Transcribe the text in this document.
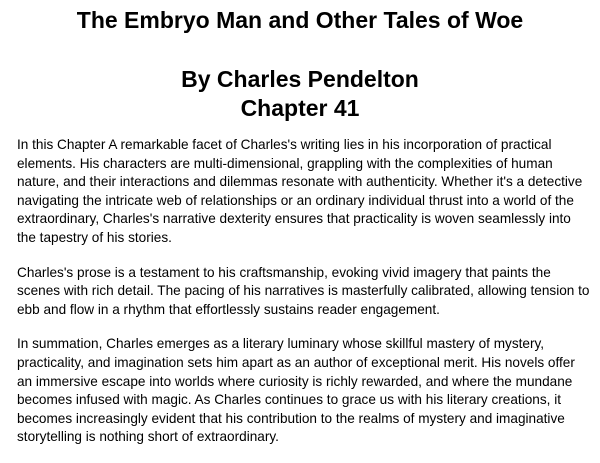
The Embryo Man and Other Tales of Woe
By Charles Pendelton
Chapter 41

In this Chapter A remarkable facet of Charles's writing lies in his incorporation of practical elements. His characters are multi-dimensional, grappling with the complexities of human nature, and their interactions and dilemmas resonate with authenticity. Whether it's a detective navigating the intricate web of relationships or an ordinary individual thrust into a world of the extraordinary, Charles's narrative dexterity ensures that practicality is woven seamlessly into the tapestry of his stories.

Charles's prose is a testament to his craftsmanship, evoking vivid imagery that paints the scenes with rich detail. The pacing of his narratives is masterfully calibrated, allowing tension to ebb and flow in a rhythm that effortlessly sustains reader engagement.

In summation, Charles emerges as a literary luminary whose skillful mastery of mystery, practicality, and imagination sets him apart as an author of exceptional merit. His novels offer an immersive escape into worlds where curiosity is richly rewarded, and where the mundane becomes infused with magic. As Charles continues to grace us with his literary creations, it becomes increasingly evident that his contribution to the realms of mystery and imaginative storytelling is nothing short of extraordinary.
